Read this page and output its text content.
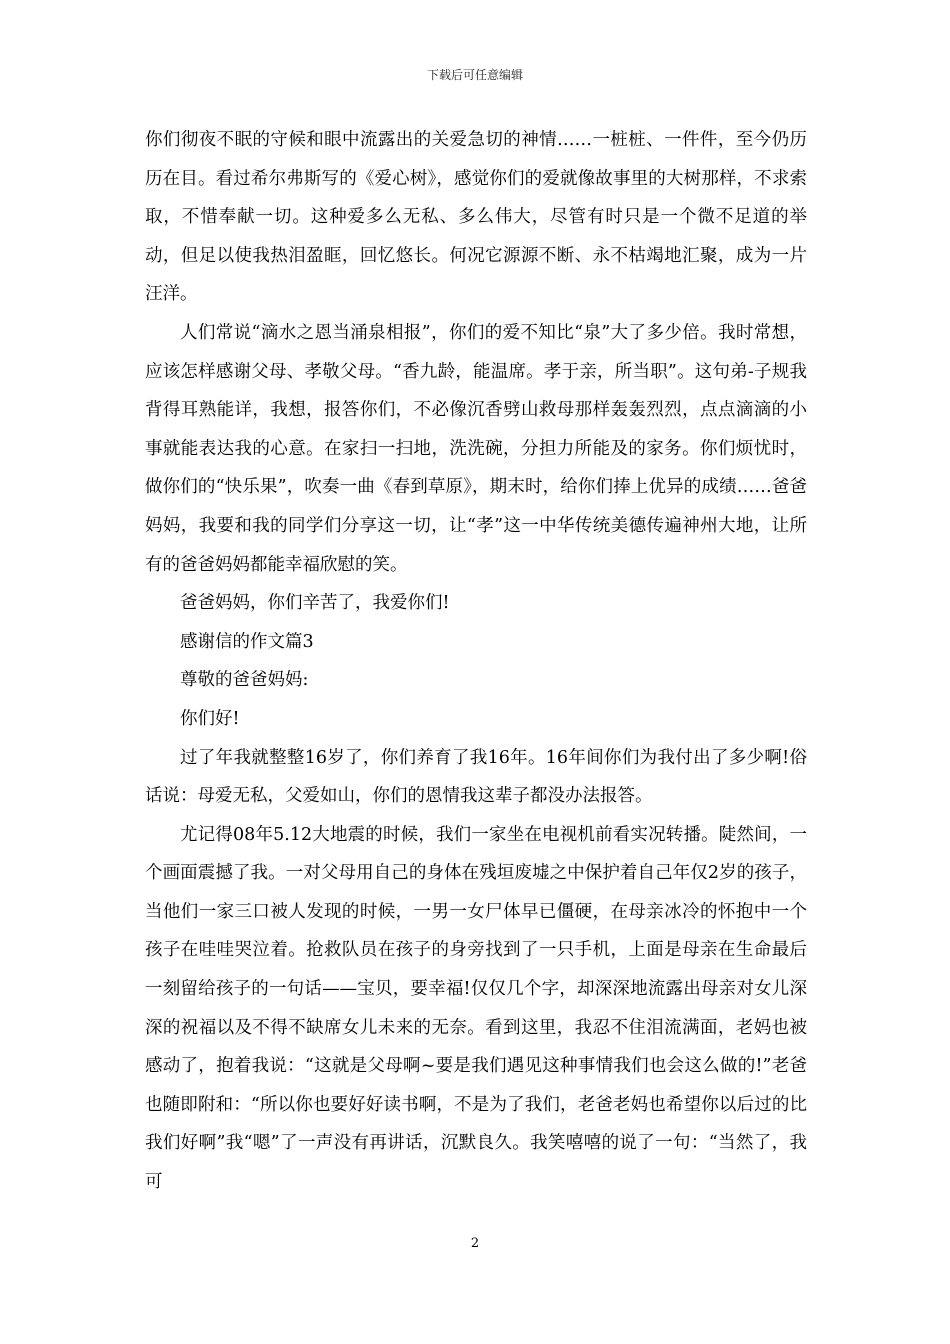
下载后可任意编辑

你们彻夜不眠的守候和眼中流露出的关爱急切的神情……一桩桩、一件件，至今仍历历在目。看过希尔弗斯写的《爱心树》，感觉你们的爱就像故事里的大树那样，不求索取，不惜奉献一切。这种爱多么无私、多么伟大，尽管有时只是一个微不足道的举动，但足以使我热泪盈眶，回忆悠长。何况它源源不断、永不枯竭地汇聚，成为一片汪洋。

人们常说“滴水之恩当涌泉相报”，你们的爱不知比“泉”大了多少倍。我时常想，应该怎样感谢父母、孝敬父母。“香九龄，能温席。孝于亲，所当职”。这句弟-子规我背得耳熟能详，我想，报答你们，不必像沉香劈山救母那样轰轰烈烈，点点滴滴的小事就能表达我的心意。在家扫一扫地，洗洗碗，分担力所能及的家务。你们烦忧时，做你们的“快乐果”，吹奏一曲《春到草原》，期末时，给你们捧上优异的成绩……爸爸妈妈，我要和我的同学们分享这一切，让“孝”这一中华传统美德传遍神州大地，让所有的爸爸妈妈都能幸福欣慰的笑。

爸爸妈妈，你们辛苦了，我爱你们!

感谢信的作文篇3

尊敬的爸爸妈妈:

你们好!

过了年我就整整16岁了，你们养育了我16年。16年间你们为我付出了多少啊!俗话说：母爱无私，父爱如山，你们的恩情我这辈子都没办法报答。

尤记得08年5.12大地震的时候，我们一家坐在电视机前看实况转播。陡然间，一个画面震撼了我。一对父母用自己的身体在残垣废墟之中保护着自己年仅2岁的孩子，当他们一家三口被人发现的时候，一男一女尸体早已僵硬，在母亲冰冷的怀抱中一个孩子在哇哇哭泣着。抢救队员在孩子的身旁找到了一只手机，上面是母亲在生命最后一刻留给孩子的一句话——宝贝，要幸福!仅仅几个字，却深深地流露出母亲对女儿深深的祝福以及不得不缺席女儿未来的无奈。看到这里，我忍不住泪流满面，老妈也被感动了，抱着我说：“这就是父母啊~要是我们遇见这种事情我们也会这么做的!”老爸也随即附和：“所以你也要好好读书啊，不是为了我们，老爸老妈也希望你以后过的比我们好啊”我“嗯”了一声没有再讲话，沉默良久。我笑嘻嘻的说了一句：“当然了，我可

2
